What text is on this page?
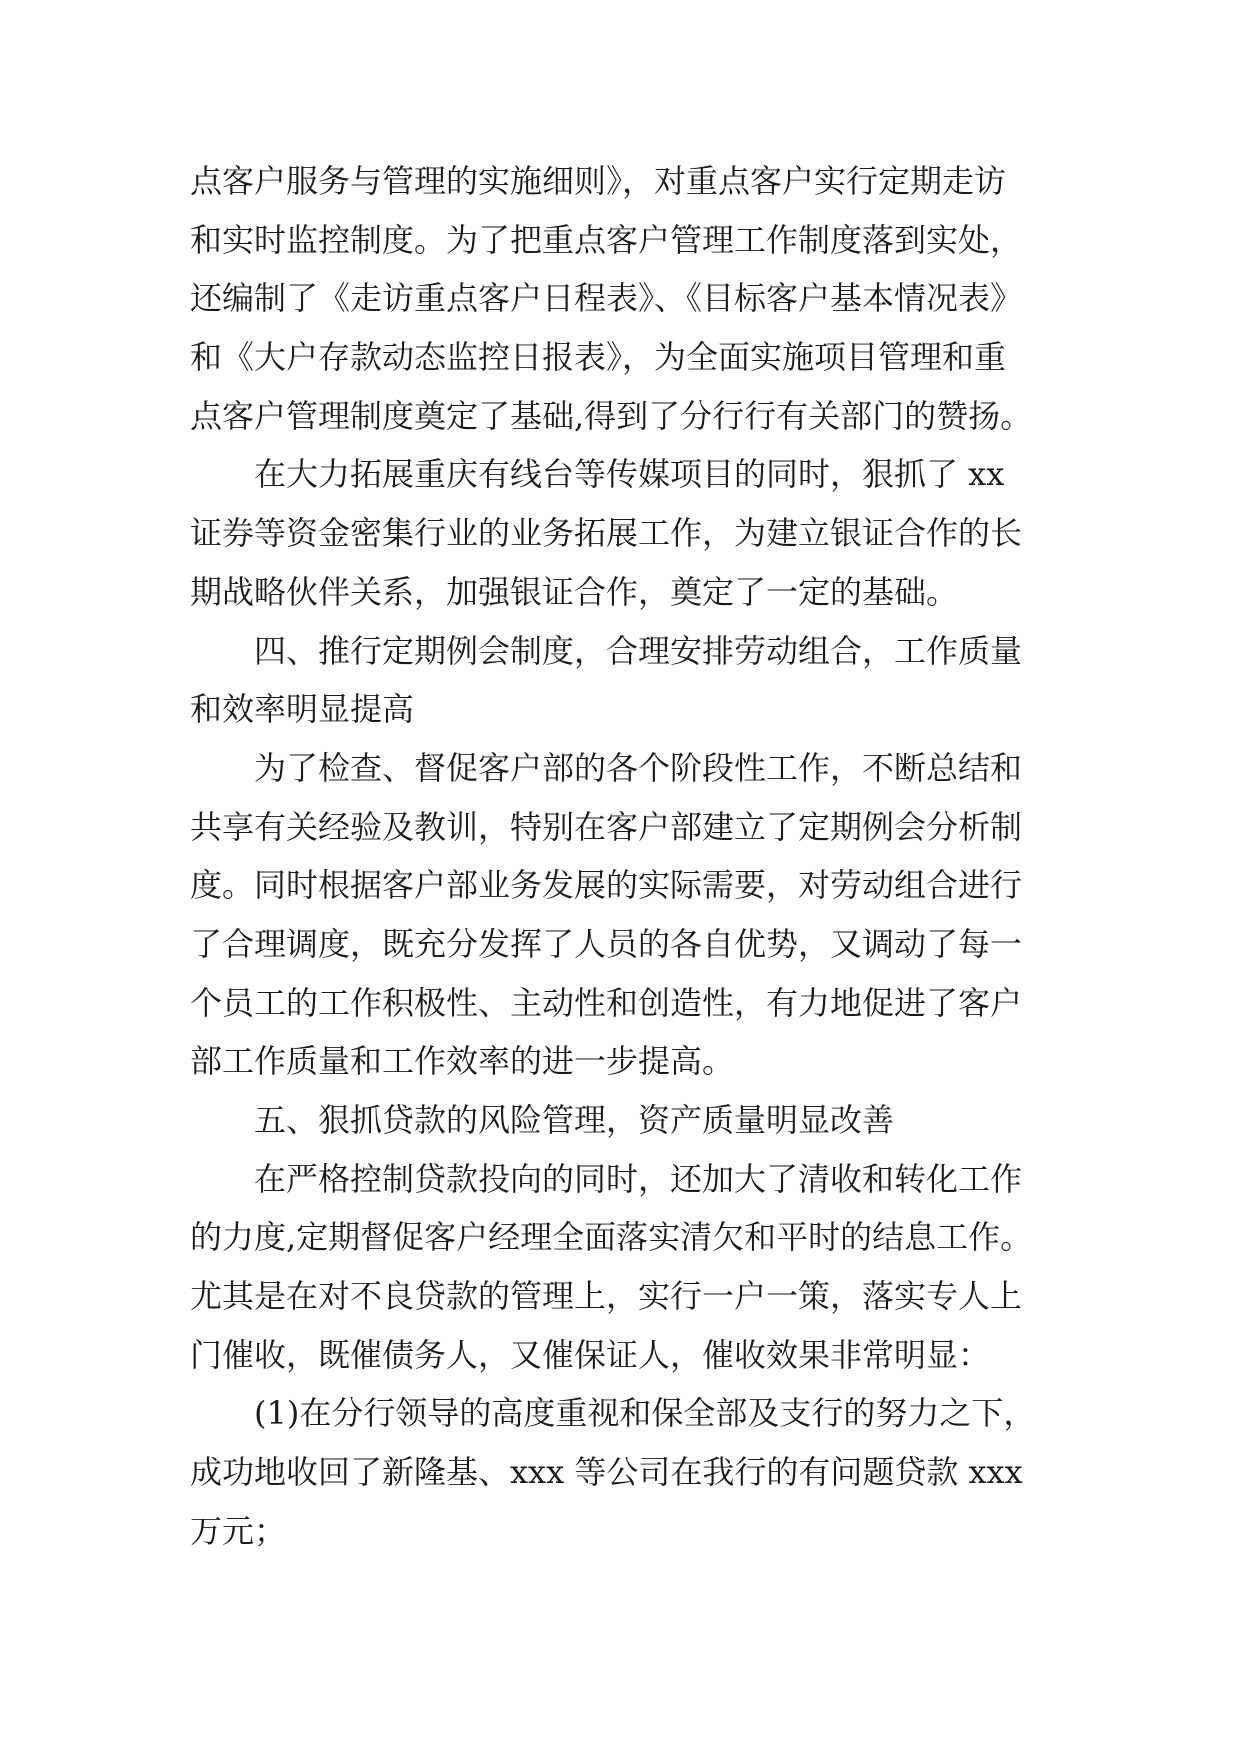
点客户服务与管理的实施细则》，对重点客户实行定期走访
和实时监控制度。为了把重点客户管理工作制度落到实处，
还编制了《走访重点客户日程表》、《目标客户基本情况表》
和《大户存款动态监控日报表》，为全面实施项目管理和重
点客户管理制度奠定了基础,得到了分行行有关部门的赞扬。
在大力拓展重庆有线台等传媒项目的同时，狠抓了 xx
证券等资金密集行业的业务拓展工作，为建立银证合作的长
期战略伙伴关系，加强银证合作，奠定了一定的基础。
四、推行定期例会制度，合理安排劳动组合，工作质量
和效率明显提高
为了检查、督促客户部的各个阶段性工作，不断总结和
共享有关经验及教训，特别在客户部建立了定期例会分析制
度。同时根据客户部业务发展的实际需要，对劳动组合进行
了合理调度，既充分发挥了人员的各自优势，又调动了每一
个员工的工作积极性、主动性和创造性，有力地促进了客户
部工作质量和工作效率的进一步提高。
五、狠抓贷款的风险管理，资产质量明显改善
在严格控制贷款投向的同时，还加大了清收和转化工作
的力度,定期督促客户经理全面落实清欠和平时的结息工作。
尤其是在对不良贷款的管理上，实行一户一策，落实专人上
门催收，既催债务人，又催保证人，催收效果非常明显：
(1)在分行领导的高度重视和保全部及支行的努力之下，
成功地收回了新隆基、xxx 等公司在我行的有问题贷款 xxx
万元；
